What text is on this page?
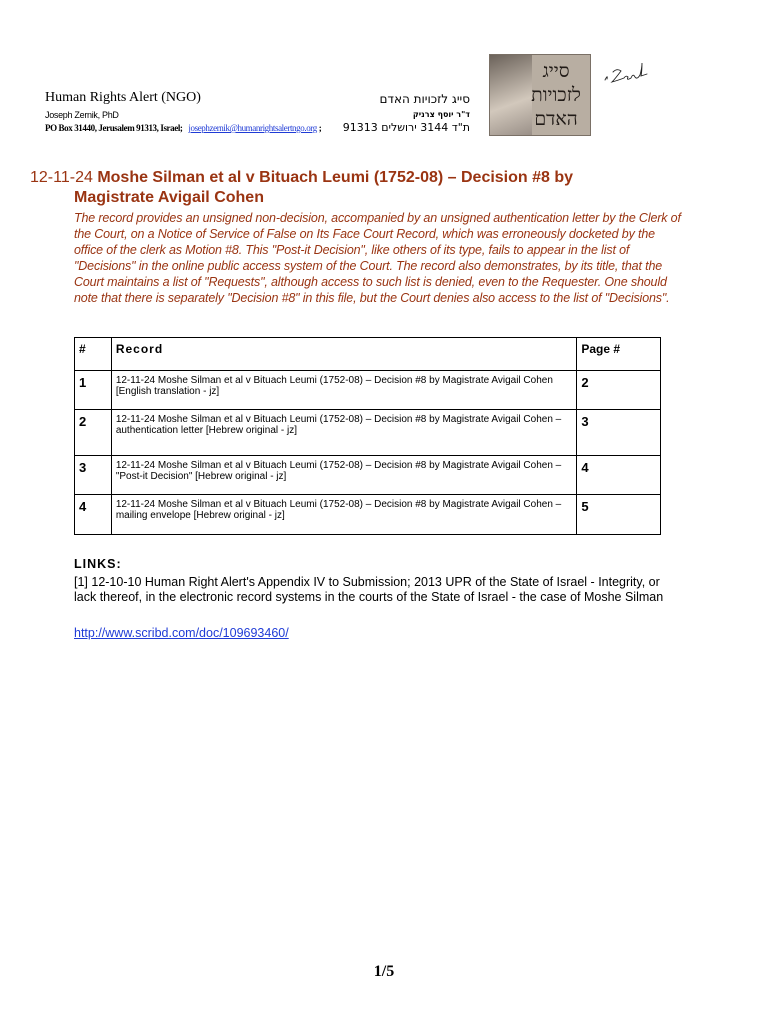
Human Rights Alert (NGO)
Joseph Zernik, PhD
PO Box 31440, Jerusalem 91313, Israel; josephzernik@humanrightsalertngo.org ;
סייג לזכויות האדם
ד"ר יוסף צרניק
ת"ד 3144 ירושלים 91313
סייג
לזכויות
האדם
12-11-24 Moshe Silman et al v Bituach Leumi (1752-08) – Decision #8 by
Magistrate Avigail Cohen
The record provides an unsigned non-decision, accompanied by an unsigned authentication letter by the Clerk of the Court, on a Notice of Service of False on Its Face Court Record, which was erroneously docketed by the office of the clerk as Motion #8. This "Post-it Decision", like others of its type, fails to appear in the list of "Decisions" in the online public access system of the Court. The record also demonstrates, by its title, that the Court maintains a list of "Requests", although access to such list is denied, even to the Requester. One should note that there is separately "Decision #8" in this file, but the Court denies also access to the list of "Decisions".
#	Record	Page #
1	12-11-24 Moshe Silman et al v Bituach Leumi (1752-08) – Decision #8 by Magistrate Avigail Cohen [English translation - jz]	2
2	12-11-24 Moshe Silman et al v Bituach Leumi (1752-08) – Decision #8 by Magistrate Avigail Cohen – authentication letter [Hebrew original - jz]	3
3	12-11-24 Moshe Silman et al v Bituach Leumi (1752-08) – Decision #8 by Magistrate Avigail Cohen – "Post-it Decision" [Hebrew original - jz]	4
4	12-11-24 Moshe Silman et al v Bituach Leumi (1752-08) – Decision #8 by Magistrate Avigail Cohen – mailing envelope [Hebrew original - jz]	5
LINKS:
[1] 12-10-10 Human Right Alert's Appendix IV to Submission; 2013 UPR of the State of Israel - Integrity, or lack thereof, in the electronic record systems in the courts of the State of Israel - the case of Moshe Silman
http://www.scribd.com/doc/109693460/
1/5
